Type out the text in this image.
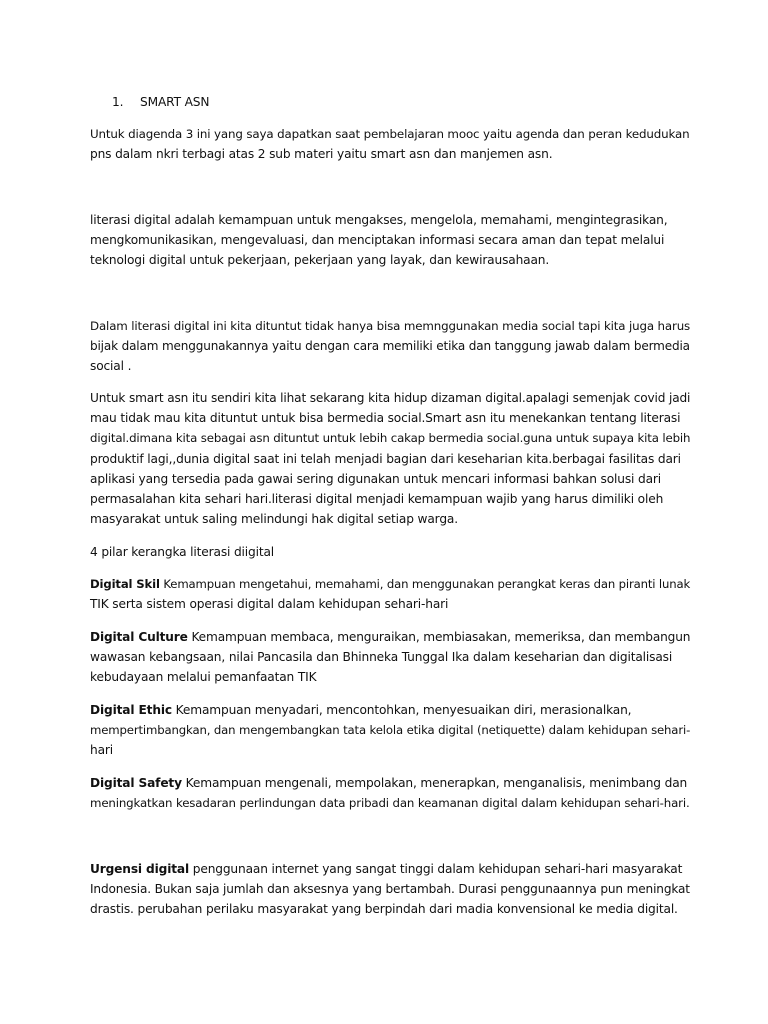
1. SMART ASN
Untuk diagenda 3 ini yang saya dapatkan saat pembelajaran mooc yaitu agenda dan peran kedudukan
pns dalam nkri terbagi atas 2 sub materi yaitu smart asn dan manjemen asn.
literasi digital adalah kemampuan untuk mengakses, mengelola, memahami, mengintegrasikan,
mengkomunikasikan, mengevaluasi, dan menciptakan informasi secara aman dan tepat melalui
teknologi digital untuk pekerjaan, pekerjaan yang layak, dan kewirausahaan.
Dalam literasi digital ini kita dituntut tidak hanya bisa memnggunakan media social tapi kita juga harus
bijak dalam menggunakannya yaitu dengan cara memiliki etika dan tanggung jawab dalam bermedia
social .
Untuk smart asn itu sendiri kita lihat sekarang kita hidup dizaman digital.apalagi semenjak covid jadi
mau tidak mau kita dituntut untuk bisa bermedia social.Smart asn itu menekankan tentang literasi
digital.dimana kita sebagai asn dituntut untuk lebih cakap bermedia social.guna untuk supaya kita lebih
produktif lagi,,dunia digital saat ini telah menjadi bagian dari keseharian kita.berbagai fasilitas dari
aplikasi yang tersedia pada gawai sering digunakan untuk mencari informasi bahkan solusi dari
permasalahan kita sehari hari.literasi digital menjadi kemampuan wajib yang harus dimiliki oleh
masyarakat untuk saling melindungi hak digital setiap warga.
4 pilar kerangka literasi diigital
Digital Skil Kemampuan mengetahui, memahami, dan menggunakan perangkat keras dan piranti lunak
TIK serta sistem operasi digital dalam kehidupan sehari-hari
Digital Culture Kemampuan membaca, menguraikan, membiasakan, memeriksa, dan membangun
wawasan kebangsaan, nilai Pancasila dan Bhinneka Tunggal Ika dalam keseharian dan digitalisasi
kebudayaan melalui pemanfaatan TIK
Digital Ethic Kemampuan menyadari, mencontohkan, menyesuaikan diri, merasionalkan,
mempertimbangkan, dan mengembangkan tata kelola etika digital (netiquette) dalam kehidupan sehari-
hari
Digital Safety Kemampuan mengenali, mempolakan, menerapkan, menganalisis, menimbang dan
meningkatkan kesadaran perlindungan data pribadi dan keamanan digital dalam kehidupan sehari-hari.
Urgensi digital penggunaan internet yang sangat tinggi dalam kehidupan sehari-hari masyarakat
Indonesia. Bukan saja jumlah dan aksesnya yang bertambah. Durasi penggunaannya pun meningkat
drastis. perubahan perilaku masyarakat yang berpindah dari madia konvensional ke media digital.
